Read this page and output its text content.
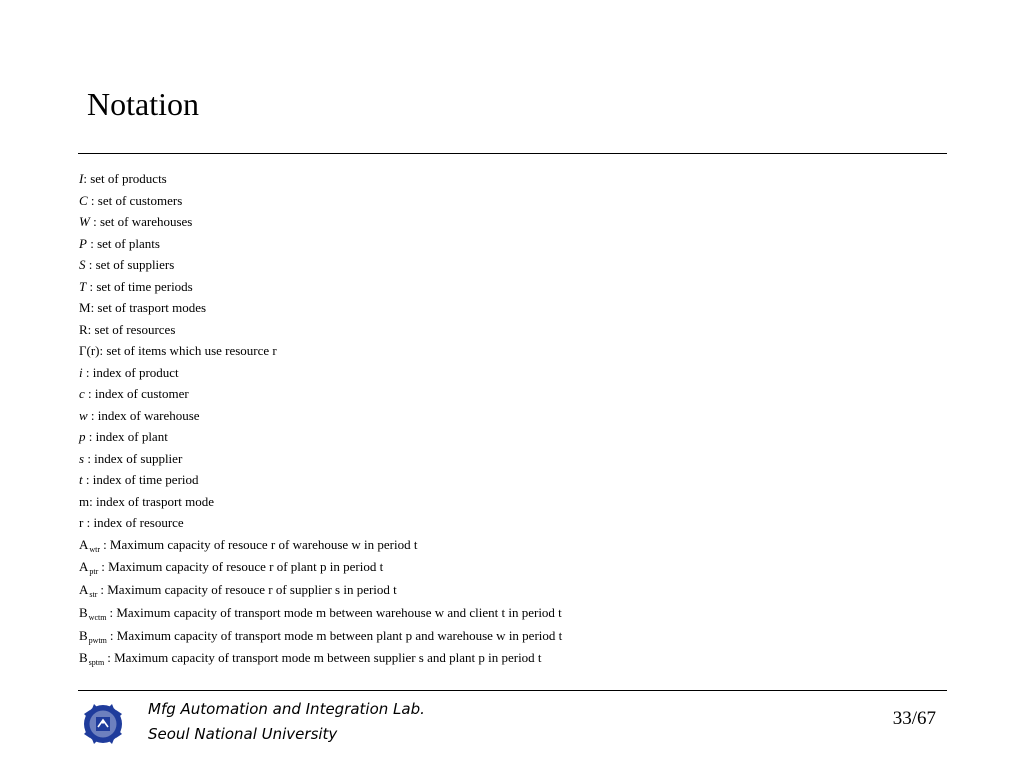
Notation
I: set of products
C : set of customers
W : set of warehouses
P : set of plants
S : set of suppliers
T : set of time periods
M: set of trasport modes
R: set of resources
Γ(r): set of items which use resource r
i : index of product
c : index of customer
w : index of warehouse
p : index of plant
s : index of supplier
t : index of time period
m: index of trasport mode
r : index of resource
$A_{wtr}$ : Maximum capacity of resouce r of warehouse w in period t
$A_{ptr}$ : Maximum capacity of resouce r of plant p in period t
$A_{str}$ : Maximum capacity of resouce r of supplier s in period t
$B_{wctm}$ : Maximum capacity of transport mode m between warehouse w and client t in period t
$B_{pwtm}$ : Maximum capacity of transport mode m between plant p and warehouse w in period t
$B_{sptm}$ : Maximum capacity of transport mode m between supplier s and plant p in period t
Mfg Automation and Integration Lab.
Seoul National University
33/67
